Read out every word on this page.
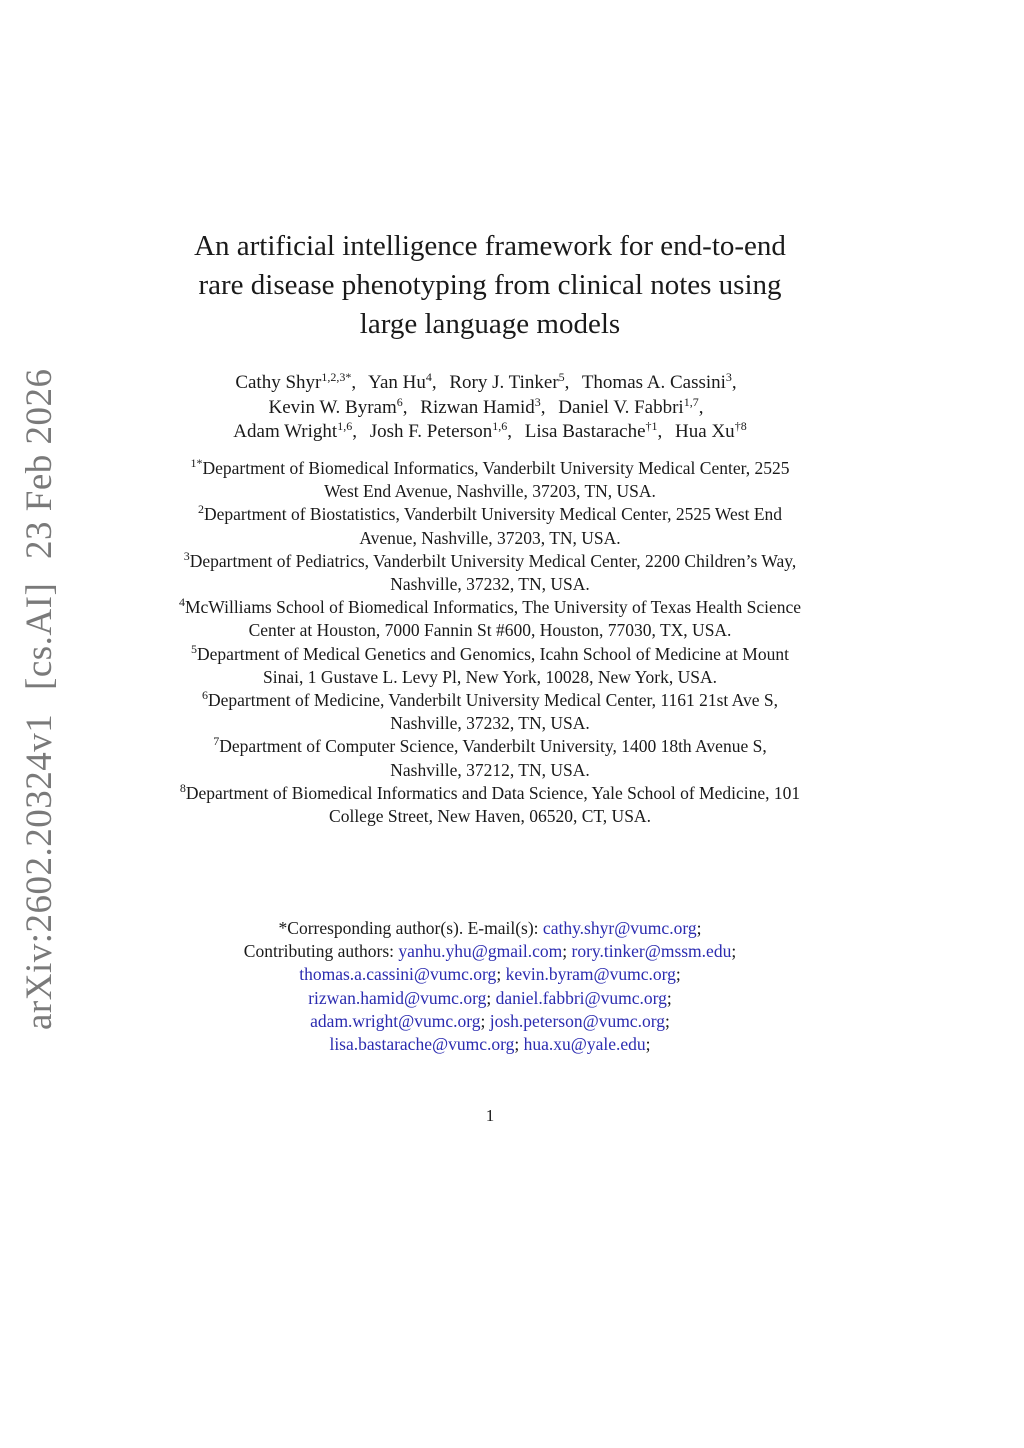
arXiv:2602.20324v1 [cs.AI] 23 Feb 2026
An artificial intelligence framework for end-to-end
rare disease phenotyping from clinical notes using
large language models
Cathy Shyr$^{1,2,3*}$, Yan Hu$^4$, Rory J. Tinker$^5$, Thomas A. Cassini$^3$,
Kevin W. Byram$^6$, Rizwan Hamid$^3$, Daniel V. Fabbri$^{1,7}$,
Adam Wright$^{1,6}$, Josh F. Peterson$^{1,6}$, Lisa Bastarache$^{\dagger 1}$, Hua Xu$^{\dagger 8}$
$^{1*}$Department of Biomedical Informatics, Vanderbilt University Medical Center, 2525 West End Avenue, Nashville, 37203, TN, USA.
$^2$Department of Biostatistics, Vanderbilt University Medical Center, 2525 West End Avenue, Nashville, 37203, TN, USA.
$^3$Department of Pediatrics, Vanderbilt University Medical Center, 2200 Children’s Way, Nashville, 37232, TN, USA.
$^4$McWilliams School of Biomedical Informatics, The University of Texas Health Science Center at Houston, 7000 Fannin St #600, Houston, 77030, TX, USA.
$^5$Department of Medical Genetics and Genomics, Icahn School of Medicine at Mount Sinai, 1 Gustave L. Levy Pl, New York, 10028, New York, USA.
$^6$Department of Medicine, Vanderbilt University Medical Center, 1161 21st Ave S, Nashville, 37232, TN, USA.
$^7$Department of Computer Science, Vanderbilt University, 1400 18th Avenue S, Nashville, 37212, TN, USA.
$^8$Department of Biomedical Informatics and Data Science, Yale School of Medicine, 101 College Street, New Haven, 06520, CT, USA.
*Corresponding author(s). E-mail(s): cathy.shyr@vumc.org;
Contributing authors: yanhu.yhu@gmail.com; rory.tinker@mssm.edu;
thomas.a.cassini@vumc.org; kevin.byram@vumc.org;
rizwan.hamid@vumc.org; daniel.fabbri@vumc.org;
adam.wright@vumc.org; josh.peterson@vumc.org;
lisa.bastarache@vumc.org; hua.xu@yale.edu;
1
